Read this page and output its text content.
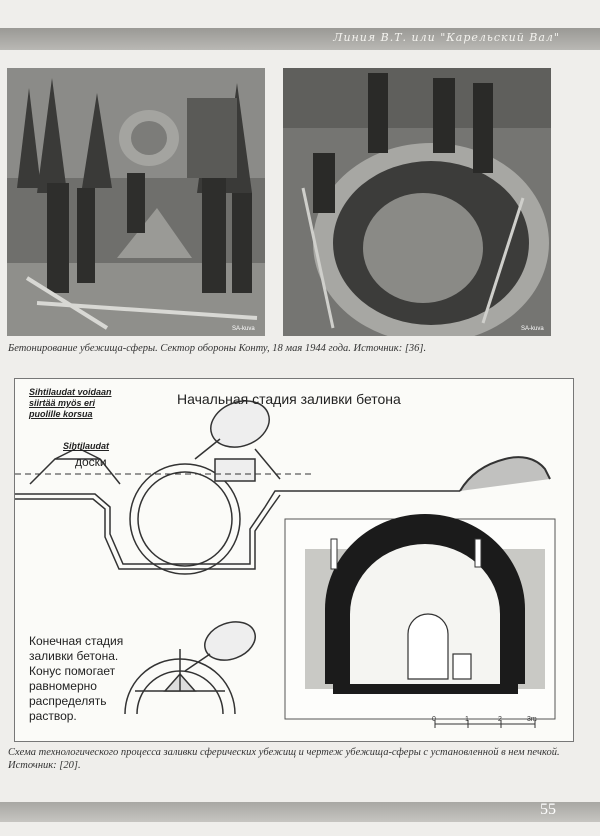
Линия В.Т. или "Карельский Вал"
SA-kuva	SA-kuva
Бетонирование убежища-сферы. Сектор обороны Конту, 18 мая 1944 года. Источник: [36].
0	1	2	3m
Sihtilaudat voidaan
siirtää myös eri
puolille korsua
Начальная стадия заливки бетона
Sihtilaudat
доски
Конечная стадия
заливки бетона.
Конус помогает
равномерно
распределять
раствор.
Схема технологического процесса заливки сферических убежищ и чертеж убежища-сферы с установленной в нем печкой.
Источник: [20].
55
